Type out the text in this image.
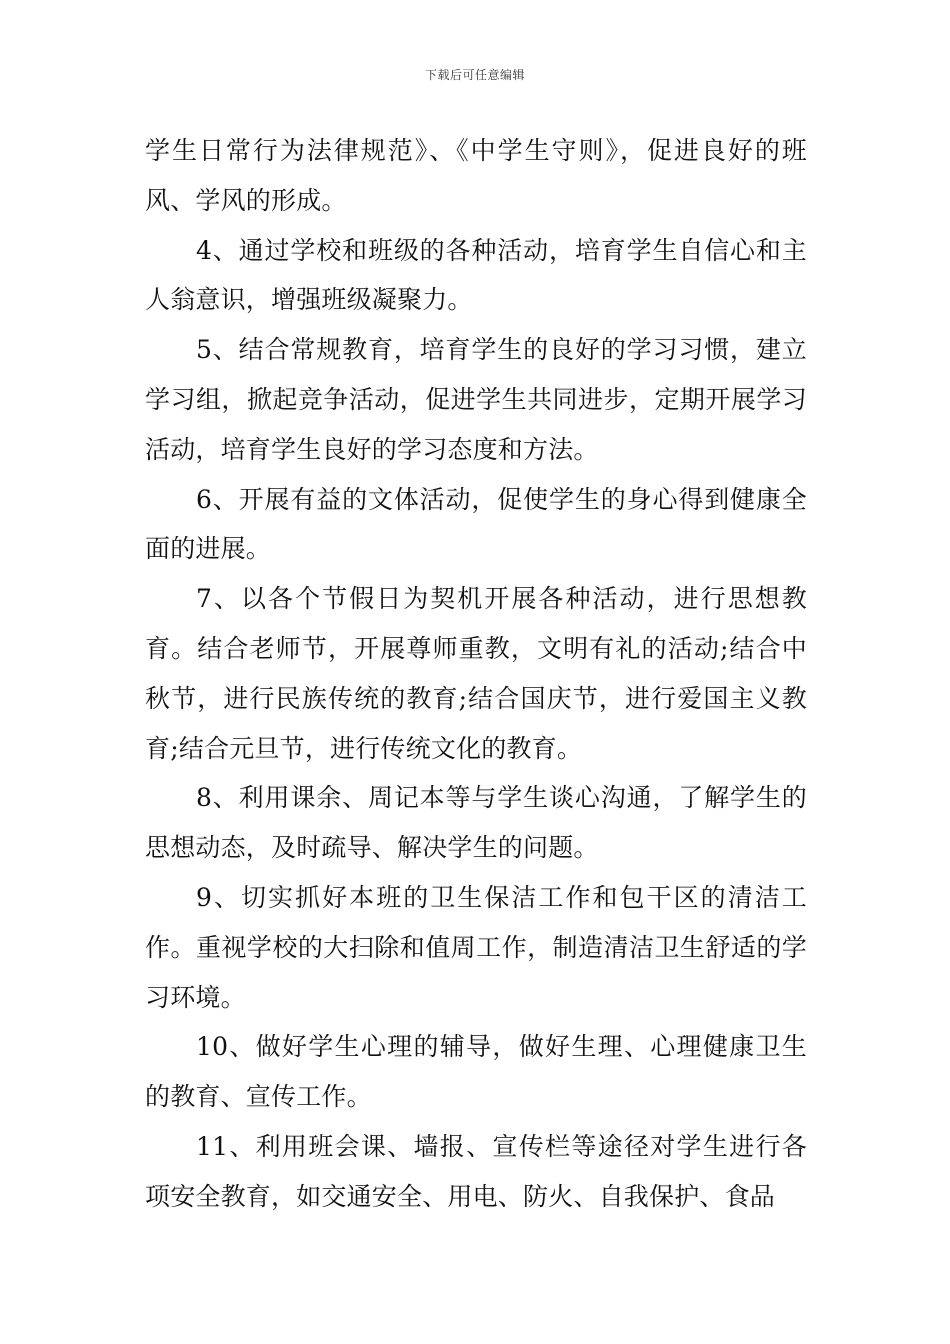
下载后可任意编辑

学生日常行为法律规范》、《中学生守则》，促进良好的班风、学风的形成。

4、通过学校和班级的各种活动，培育学生自信心和主人翁意识，增强班级凝聚力。

5、结合常规教育，培育学生的良好的学习习惯，建立学习组，掀起竞争活动，促进学生共同进步，定期开展学习活动，培育学生良好的学习态度和方法。

6、开展有益的文体活动，促使学生的身心得到健康全面的进展。

7、以各个节假日为契机开展各种活动，进行思想教育。结合老师节，开展尊师重教，文明有礼的活动;结合中秋节，进行民族传统的教育;结合国庆节，进行爱国主义教育;结合元旦节，进行传统文化的教育。

8、利用课余、周记本等与学生谈心沟通，了解学生的思想动态，及时疏导、解决学生的问题。

9、切实抓好本班的卫生保洁工作和包干区的清洁工作。重视学校的大扫除和值周工作，制造清洁卫生舒适的学习环境。

10、做好学生心理的辅导，做好生理、心理健康卫生的教育、宣传工作。

11、利用班会课、墙报、宣传栏等途径对学生进行各项安全教育，如交通安全、用电、防火、自我保护、食品
